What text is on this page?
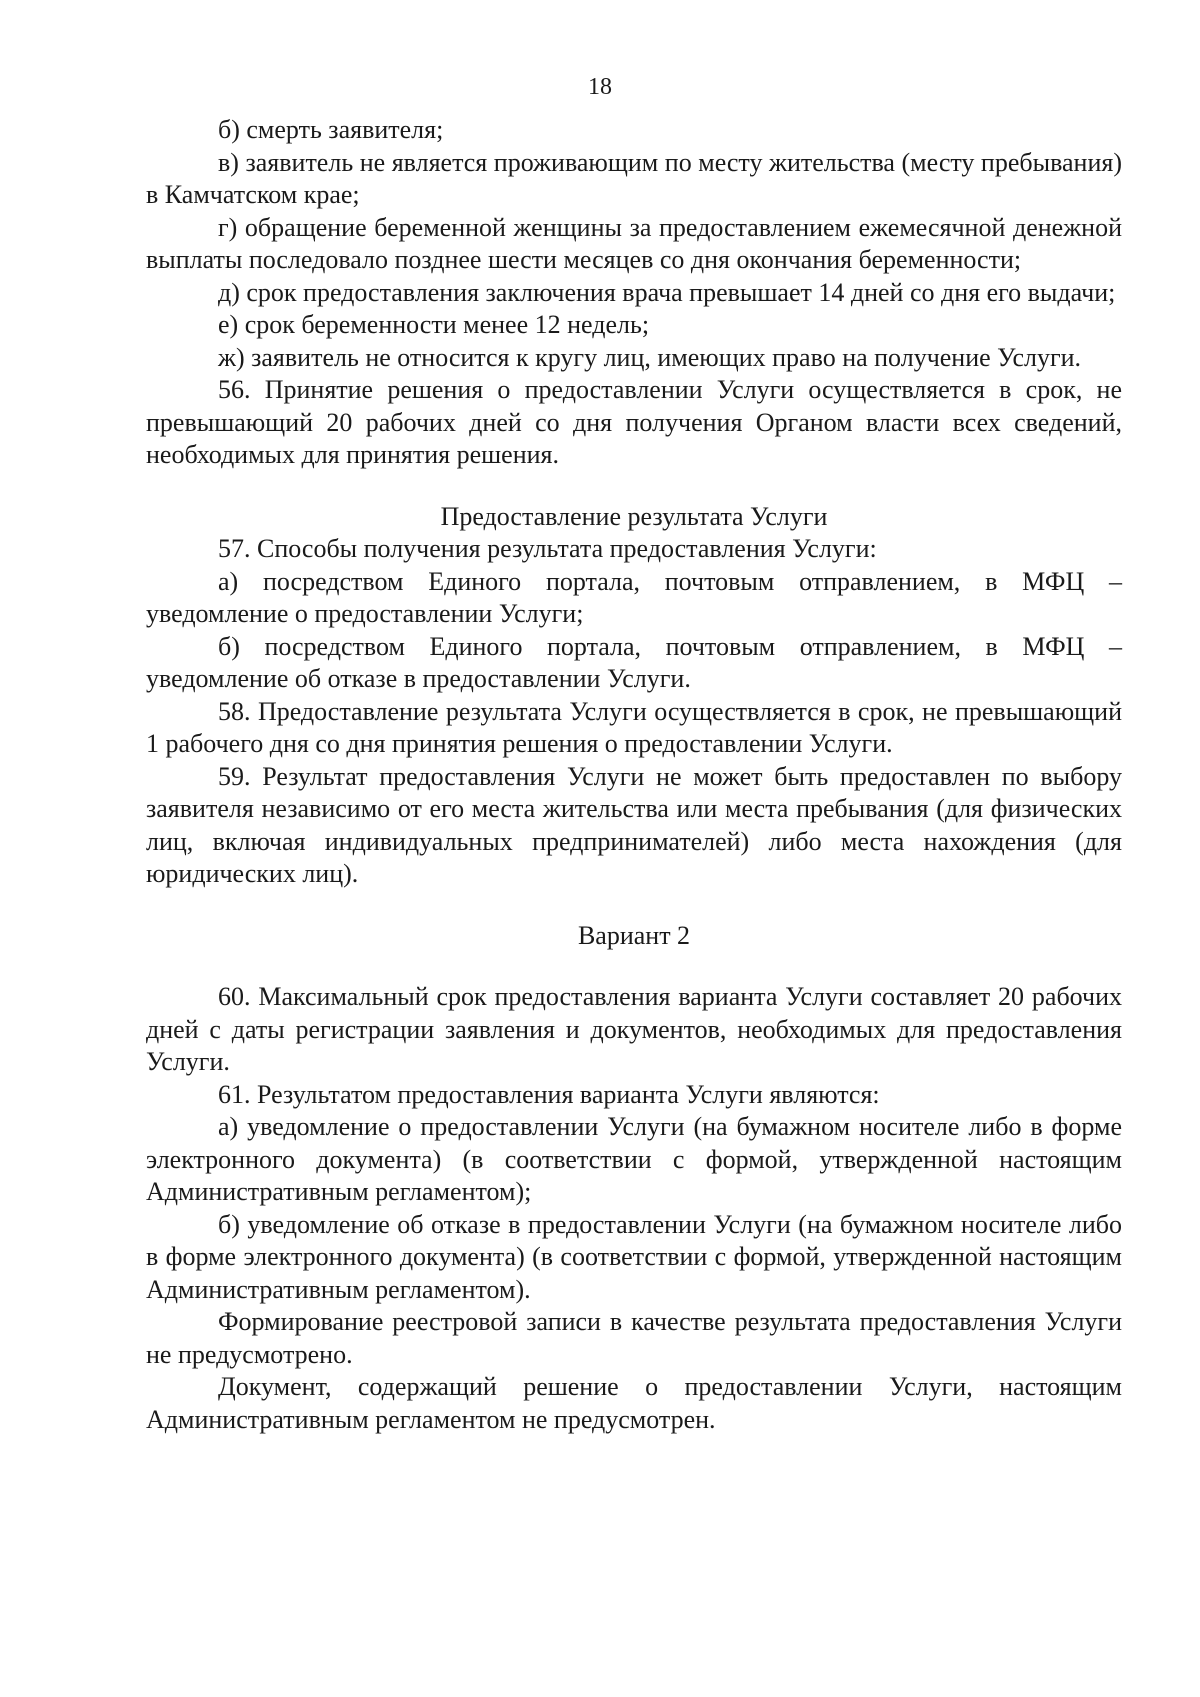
18

б) смерть заявителя;

в) заявитель не является проживающим по месту жительства (месту пребывания) в Камчатском крае;

г) обращение беременной женщины за предоставлением ежемесячной денежной выплаты последовало позднее шести месяцев со дня окончания беременности;

д) срок предоставления заключения врача превышает 14 дней со дня его выдачи;

е) срок беременности менее 12 недель;

ж) заявитель не относится к кругу лиц, имеющих право на получение Услуги.

56. Принятие решения о предоставлении Услуги осуществляется в срок, не превышающий 20 рабочих дней со дня получения Органом власти всех сведений, необходимых для принятия решения.

Предоставление результата Услуги

57. Способы получения результата предоставления Услуги:

а) посредством Единого портала, почтовым отправлением, в МФЦ – уведомление о предоставлении Услуги;

б) посредством Единого портала, почтовым отправлением, в МФЦ – уведомление об отказе в предоставлении Услуги.

58. Предоставление результата Услуги осуществляется в срок, не превышающий 1 рабочего дня со дня принятия решения о предоставлении Услуги.

59. Результат предоставления Услуги не может быть предоставлен по выбору заявителя независимо от его места жительства или места пребывания (для физических лиц, включая индивидуальных предпринимателей) либо места нахождения (для юридических лиц).

Вариант 2

60. Максимальный срок предоставления варианта Услуги составляет 20 рабочих дней с даты регистрации заявления и документов, необходимых для предоставления Услуги.

61. Результатом предоставления варианта Услуги являются:

а) уведомление о предоставлении Услуги (на бумажном носителе либо в форме электронного документа) (в соответствии с формой, утвержденной настоящим Административным регламентом);

б) уведомление об отказе в предоставлении Услуги (на бумажном носителе либо в форме электронного документа) (в соответствии с формой, утвержденной настоящим Административным регламентом).

Формирование реестровой записи в качестве результата предоставления Услуги не предусмотрено.

Документ, содержащий решение о предоставлении Услуги, настоящим Административным регламентом не предусмотрен.
